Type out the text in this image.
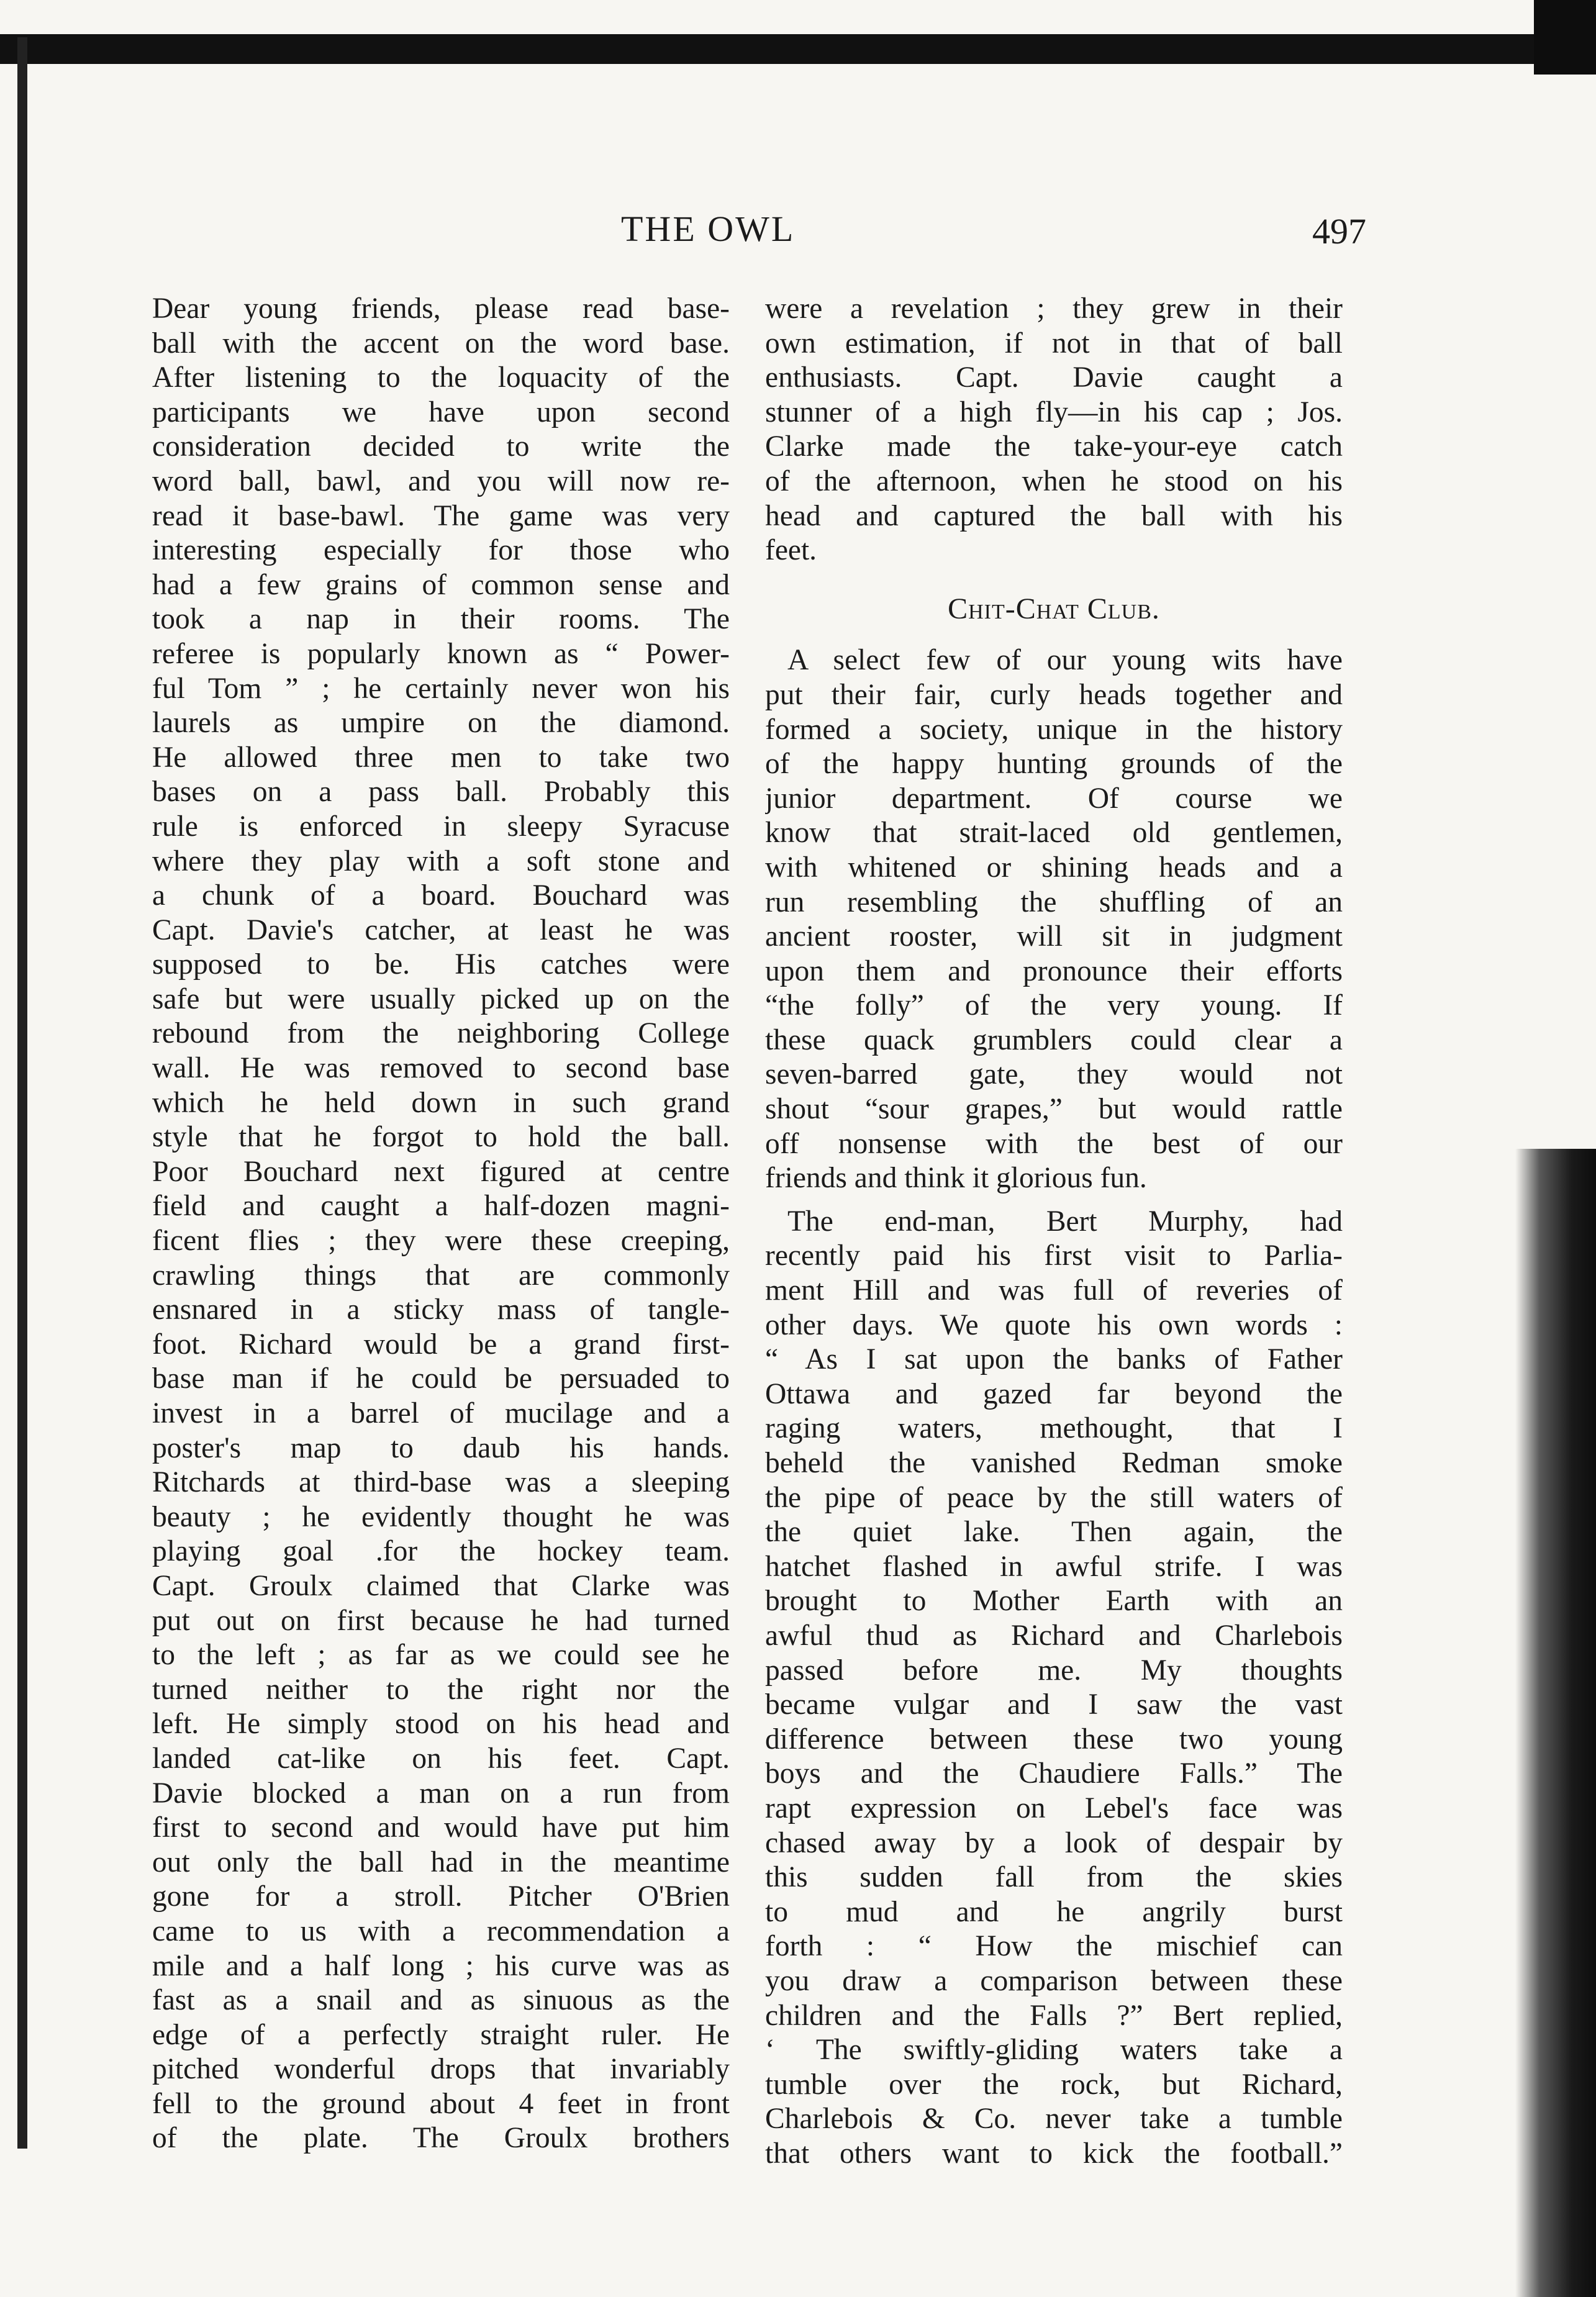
THE OWL	497
Dear young friends, please read base-
ball with the accent on the word base.
After listening to the loquacity of the
participants we have upon second
consideration decided to write the
word ball, bawl, and you will now re-
read it base-bawl. The game was very
interesting especially for those who
had a few grains of common sense and
took a nap in their rooms. The
referee is popularly known as “ Power-
ful Tom ” ; he certainly never won his
laurels as umpire on the diamond.
He allowed three men to take two
bases on a pass ball. Probably this
rule is enforced in sleepy Syracuse
where they play with a soft stone and
a chunk of a board. Bouchard was
Capt. Davie's catcher, at least he was
supposed to be. His catches were
safe but were usually picked up on the
rebound from the neighboring College
wall. He was removed to second base
which he held down in such grand
style that he forgot to hold the ball.
Poor Bouchard next figured at centre
field and caught a half-dozen magni-
ficent flies ; they were these creeping,
crawling things that are commonly
ensnared in a sticky mass of tangle-
foot. Richard would be a grand first-
base man if he could be persuaded to
invest in a barrel of mucilage and a
poster's map to daub his hands.
Ritchards at third-base was a sleeping
beauty ; he evidently thought he was
playing goal .for the hockey team.
Capt. Groulx claimed that Clarke was
put out on first because he had turned
to the left ; as far as we could see he
turned neither to the right nor the
left. He simply stood on his head and
landed cat-like on his feet. Capt.
Davie blocked a man on a run from
first to second and would have put him
out only the ball had in the meantime
gone for a stroll. Pitcher O'Brien
came to us with a recommendation a
mile and a half long ; his curve was as
fast as a snail and as sinuous as the
edge of a perfectly straight ruler. He
pitched wonderful drops that invariably
fell to the ground about 4 feet in front
of the plate. The Groulx brothers
were a revelation ; they grew in their
own estimation, if not in that of ball
enthusiasts. Capt. Davie caught a
stunner of a high fly—in his cap ; Jos.
Clarke made the take-your-eye catch
of the afternoon, when he stood on his
head and captured the ball with his
feet.
Chit-Chat Club.
A select few of our young wits have
put their fair, curly heads together and
formed a society, unique in the history
of the happy hunting grounds of the
junior department. Of course we
know that strait-laced old gentlemen,
with whitened or shining heads and a
run resembling the shuffling of an
ancient rooster, will sit in judgment
upon them and pronounce their efforts
“the folly” of the very young. If
these quack grumblers could clear a
seven-barred gate, they would not
shout “sour grapes,” but would rattle
off nonsense with the best of our
friends and think it glorious fun.
The end-man, Bert Murphy, had
recently paid his first visit to Parlia-
ment Hill and was full of reveries of
other days. We quote his own words :
“ As I sat upon the banks of Father
Ottawa and gazed far beyond the
raging waters, methought, that I
beheld the vanished Redman smoke
the pipe of peace by the still waters of
the quiet lake. Then again, the
hatchet flashed in awful strife. I was
brought to Mother Earth with an
awful thud as Richard and Charlebois
passed before me. My thoughts
became vulgar and I saw the vast
difference between these two young
boys and the Chaudiere Falls.” The
rapt expression on Lebel's face was
chased away by a look of despair by
this sudden fall from the skies
to mud and he angrily burst
forth : “ How the mischief can
you draw a comparison between these
children and the Falls ?” Bert replied,
‘ The swiftly-gliding waters take a
tumble over the rock, but Richard,
Charlebois & Co. never take a tumble
that others want to kick the football.”
